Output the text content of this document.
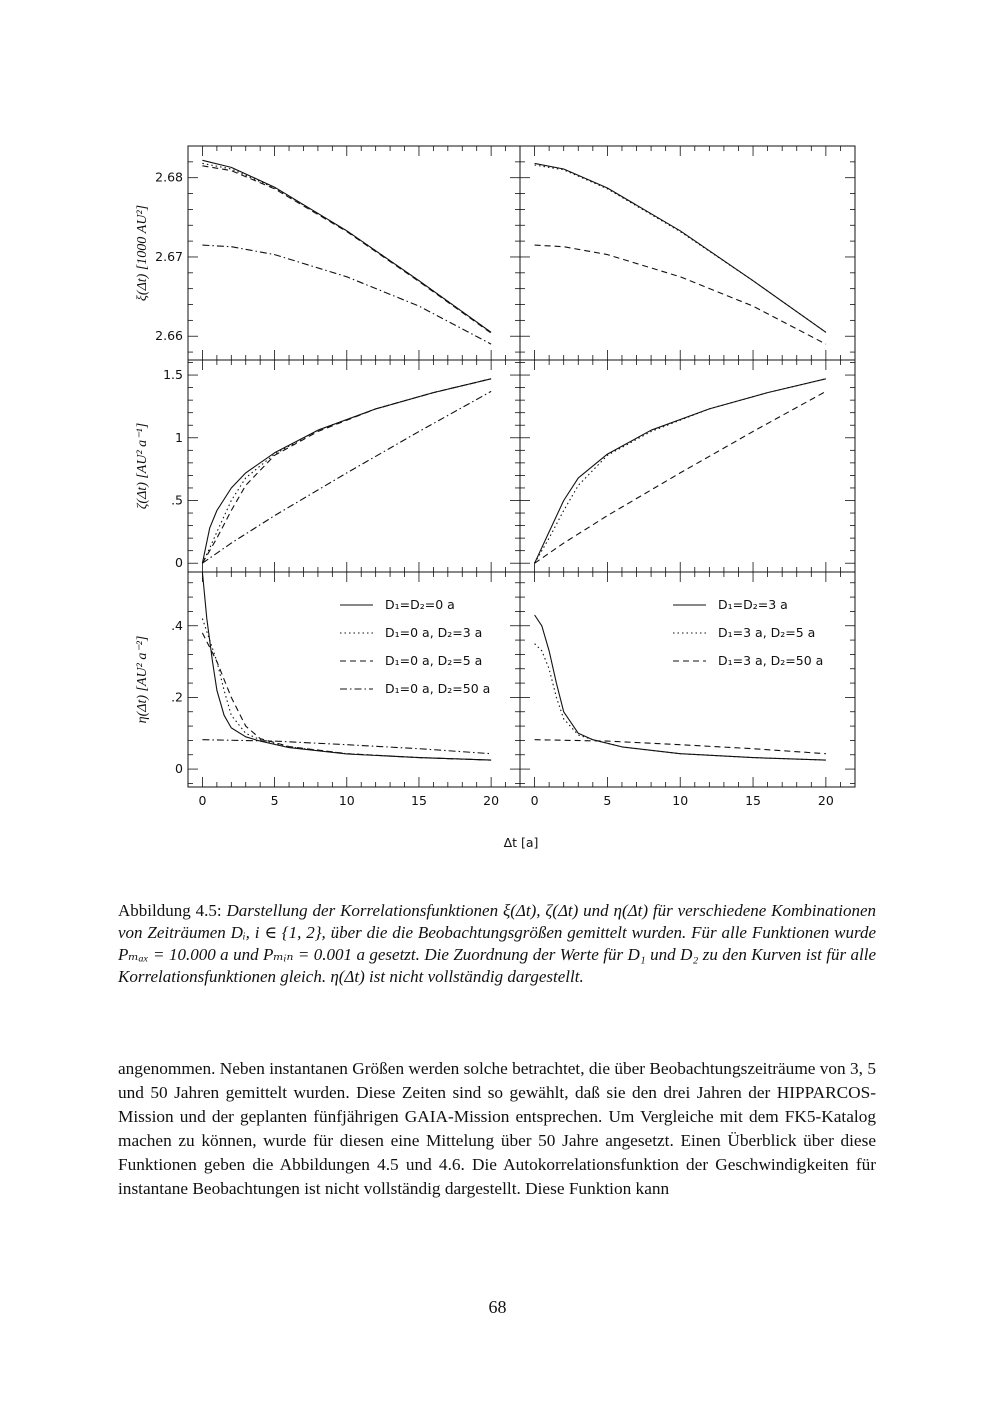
2.66
2.67
2.68
ξ(Δt) [1000 AU²]
0
.5
1
1.5
ζ(Δt) [AU² a⁻¹]
0
.2
.4
0	5	10	15	20
η(Δt) [AU² a⁻²]
D₁=D₂=0 a
D₁=0 a, D₂=3 a
D₁=0 a, D₂=5 a
D₁=0 a, D₂=50 a
0	5	10	15	20
D₁=D₂=3 a
D₁=3 a, D₂=5 a
D₁=3 a, D₂=50 a
Δt [a]
Abbildung 4.5: Darstellung der Korrelationsfunktionen ξ(Δt), ζ(Δt) und η(Δt) für verschiedene Kombinationen von Zeiträumen Dᵢ, i ∈ {1, 2}, über die die Beobachtungsgrößen gemittelt wurden. Für alle Funktionen wurde Pₘₐₓ = 10.000 a und Pₘᵢₙ = 0.001 a gesetzt. Die Zuordnung der Werte für D₁ und D₂ zu den Kurven ist für alle Korrelationsfunktionen gleich. η(Δt) ist nicht vollständig dargestellt.
angenommen. Neben instantanen Größen werden solche betrachtet, die über Beobachtungszeiträume von 3, 5 und 50 Jahren gemittelt wurden. Diese Zeiten sind so gewählt, daß sie den drei Jahren der HIPPARCOS-Mission und der geplanten fünfjährigen GAIA-Mission entsprechen. Um Vergleiche mit dem FK5-Katalog machen zu können, wurde für diesen eine Mittelung über 50 Jahre angesetzt. Einen Überblick über diese Funktionen geben die Abbildungen 4.5 und 4.6. Die Autokorrelationsfunktion der Geschwindigkeiten für instantane Beobachtungen ist nicht vollständig dargestellt. Diese Funktion kann
68
